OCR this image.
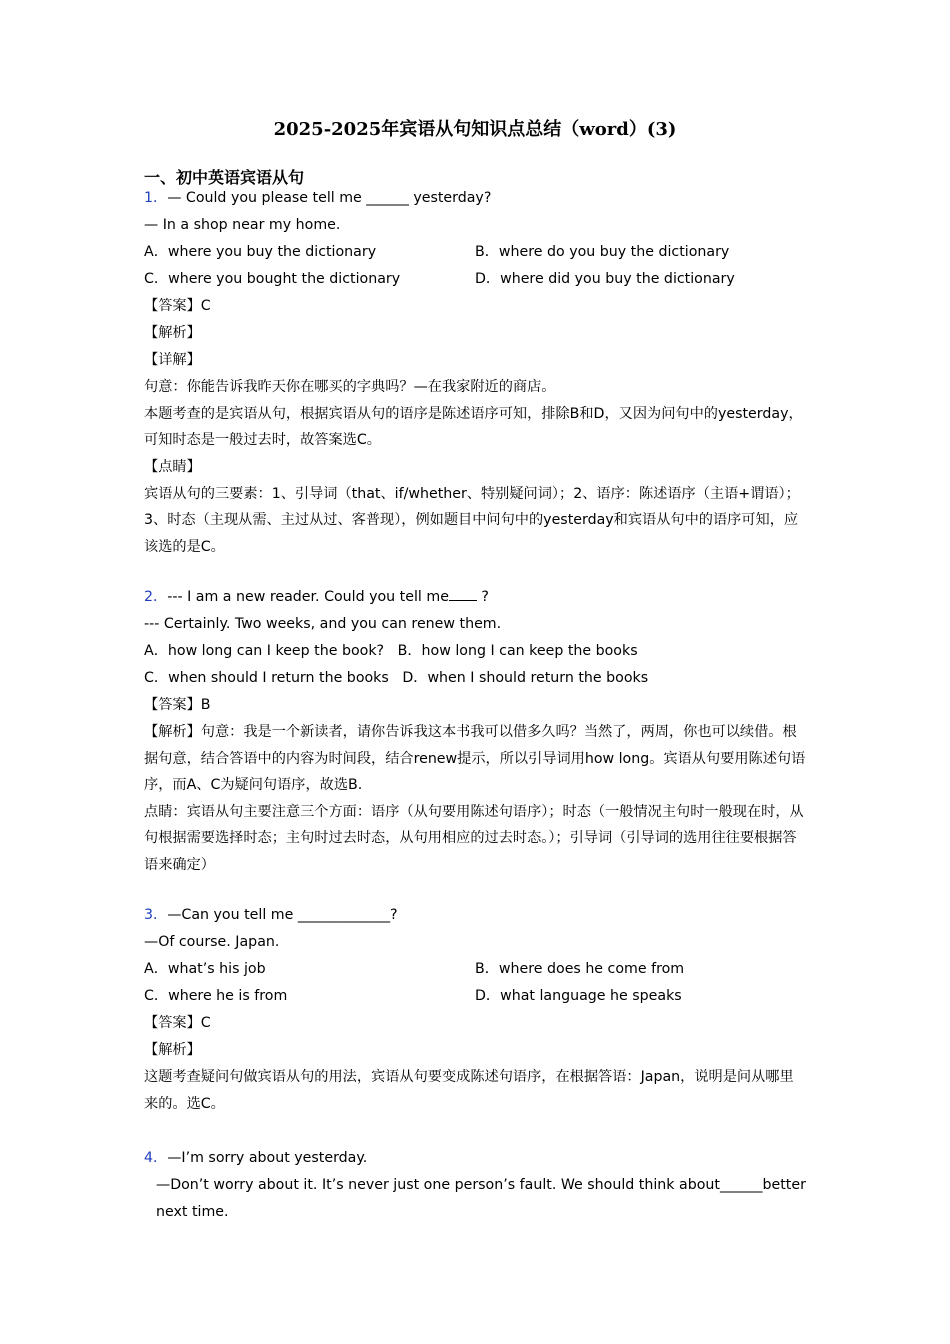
2025-2025年宾语从句知识点总结（word）(3)
一、初中英语宾语从句
1．— Could you please tell me ______ yesterday?
— In a shop near my home.
A．where you buy the dictionary	B．where do you buy the dictionary
C．where you bought the dictionary	D．where did you buy the dictionary
【答案】C
【解析】
【详解】
句意：你能告诉我昨天你在哪买的字典吗？—在我家附近的商店。
本题考查的是宾语从句，根据宾语从句的语序是陈述语序可知，排除B和D，又因为问句中的yesterday，可知时态是一般过去时，故答案选C。
【点睛】
宾语从句的三要素：1、引导词（that、if/whether、特别疑问词）；2、语序：陈述语序（主语+谓语）；3、时态（主现从需、主过从过、客普现），例如题目中问句中的yesterday和宾语从句中的语序可知，应该选的是C。
2．--- I am a new reader. Could you tell me ?
--- Certainly. Two weeks, and you can renew them.
A．how long can I keep the book? B．how long I can keep the books
C．when should I return the books D．when I should return the books
【答案】B
【解析】句意：我是一个新读者，请你告诉我这本书我可以借多久吗？当然了，两周，你也可以续借。根据句意，结合答语中的内容为时间段，结合renew提示，所以引导词用how long。宾语从句要用陈述句语序，而A、C为疑问句语序，故选B.
点睛：宾语从句主要注意三个方面：语序（从句要用陈述句语序）；时态（一般情况主句时一般现在时，从句根据需要选择时态；主句时过去时态，从句用相应的过去时态。）；引导词（引导词的选用往往要根据答语来确定）
3．—Can you tell me _____________?
—Of course. Japan.
A．what’s his job	B．where does he come from
C．where he is from	D．what language he speaks
【答案】C
【解析】
这题考查疑问句做宾语从句的用法，宾语从句要变成陈述句语序，在根据答语：Japan，说明是问从哪里来的。选C。
4．—I’m sorry about yesterday.
—Don’t worry about it. It’s never just one person’s fault. We should think about______better next time.
